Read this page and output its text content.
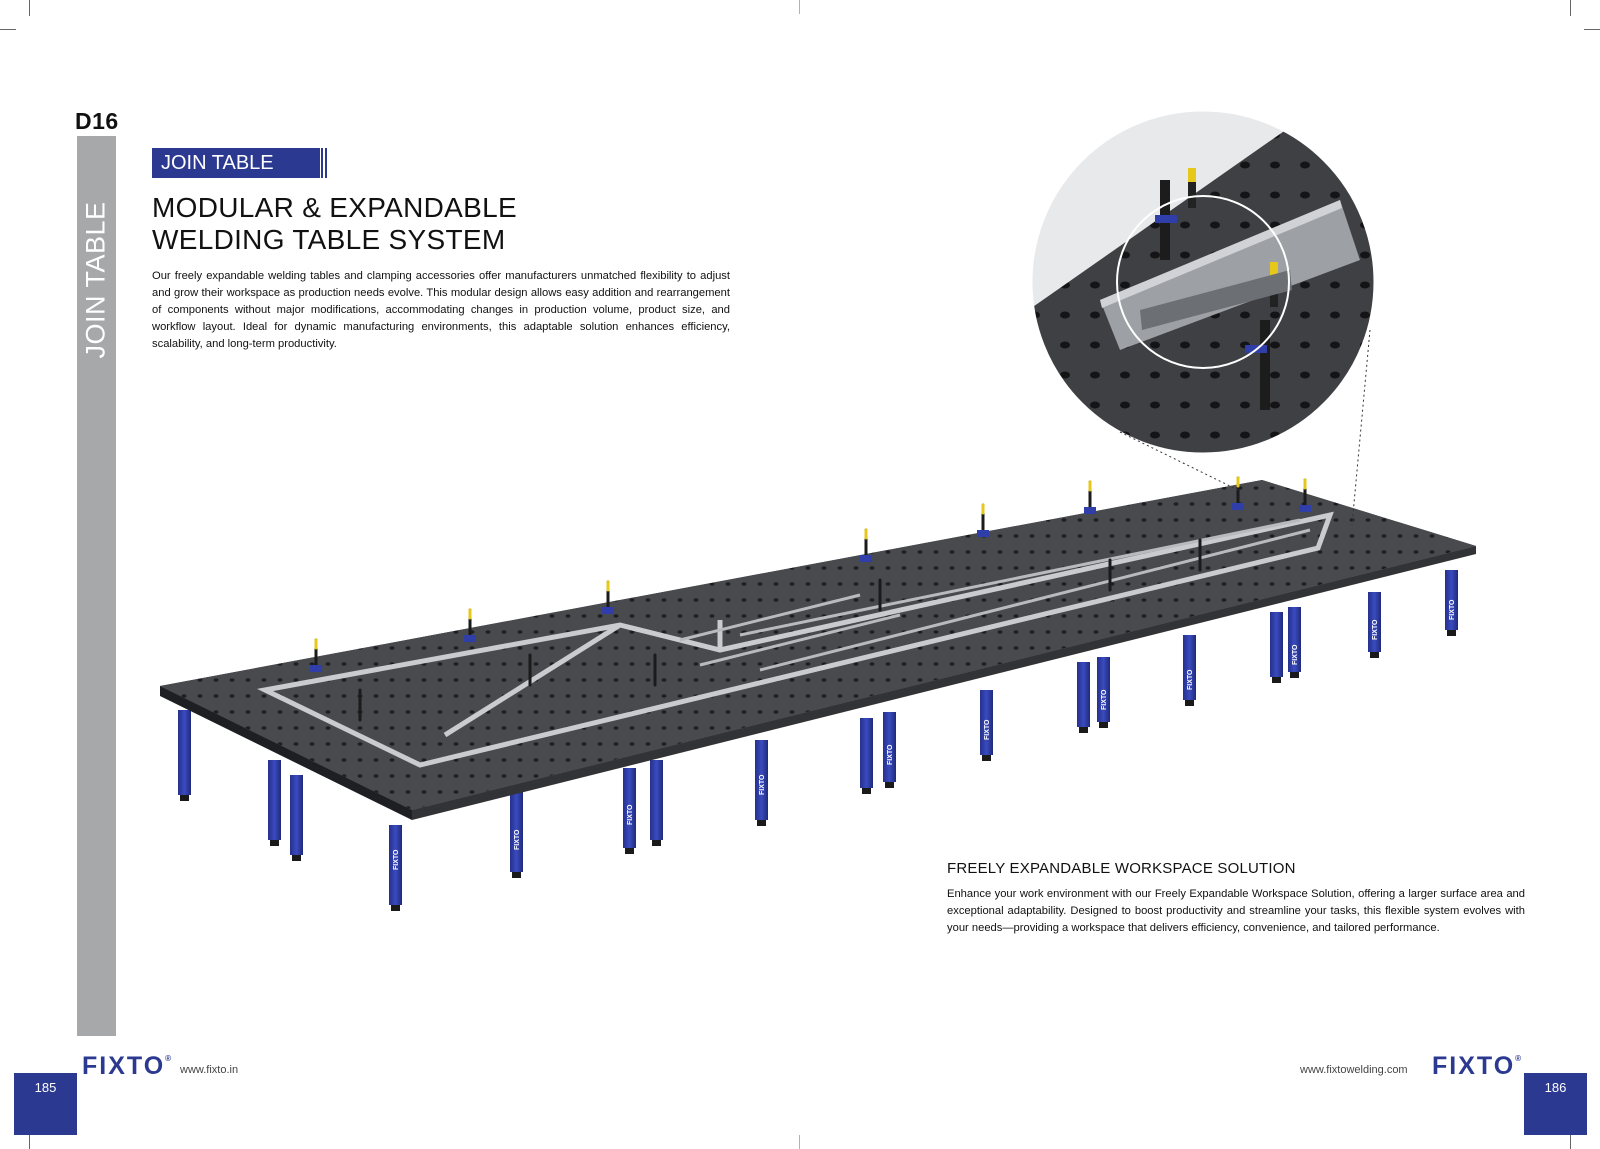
FIXTO
FIXTO
FIXTO
FIXTO
FIXTO
FIXTO
FIXTO
FIXTO
FIXTO
FIXTO
FIXTO
D16
JOIN TABLE
JOIN TABLE
MODULAR & EXPANDABLE
WELDING TABLE SYSTEM
Our freely expandable welding tables and clamping accessories offer manufacturers unmatched flexibility to adjust and grow their workspace as production needs evolve. This modular design allows easy addition and rearrangement of components without major modifications, accommodating changes in production volume, product size, and workflow layout. Ideal for dynamic manufacturing environments, this adaptable solution enhances efficiency, scalability, and long-term productivity.
FREELY EXPANDABLE WORKSPACE SOLUTION
Enhance your work environment with our Freely Expandable Workspace Solution, offering a larger surface area and exceptional adaptability. Designed to boost productivity and streamline your tasks, this flexible system evolves with your needs—providing a workspace that delivers efficiency, convenience, and tailored performance.
FIXTO®
www.fixto.in
185
www.fixtowelding.com FIXTO®
186
